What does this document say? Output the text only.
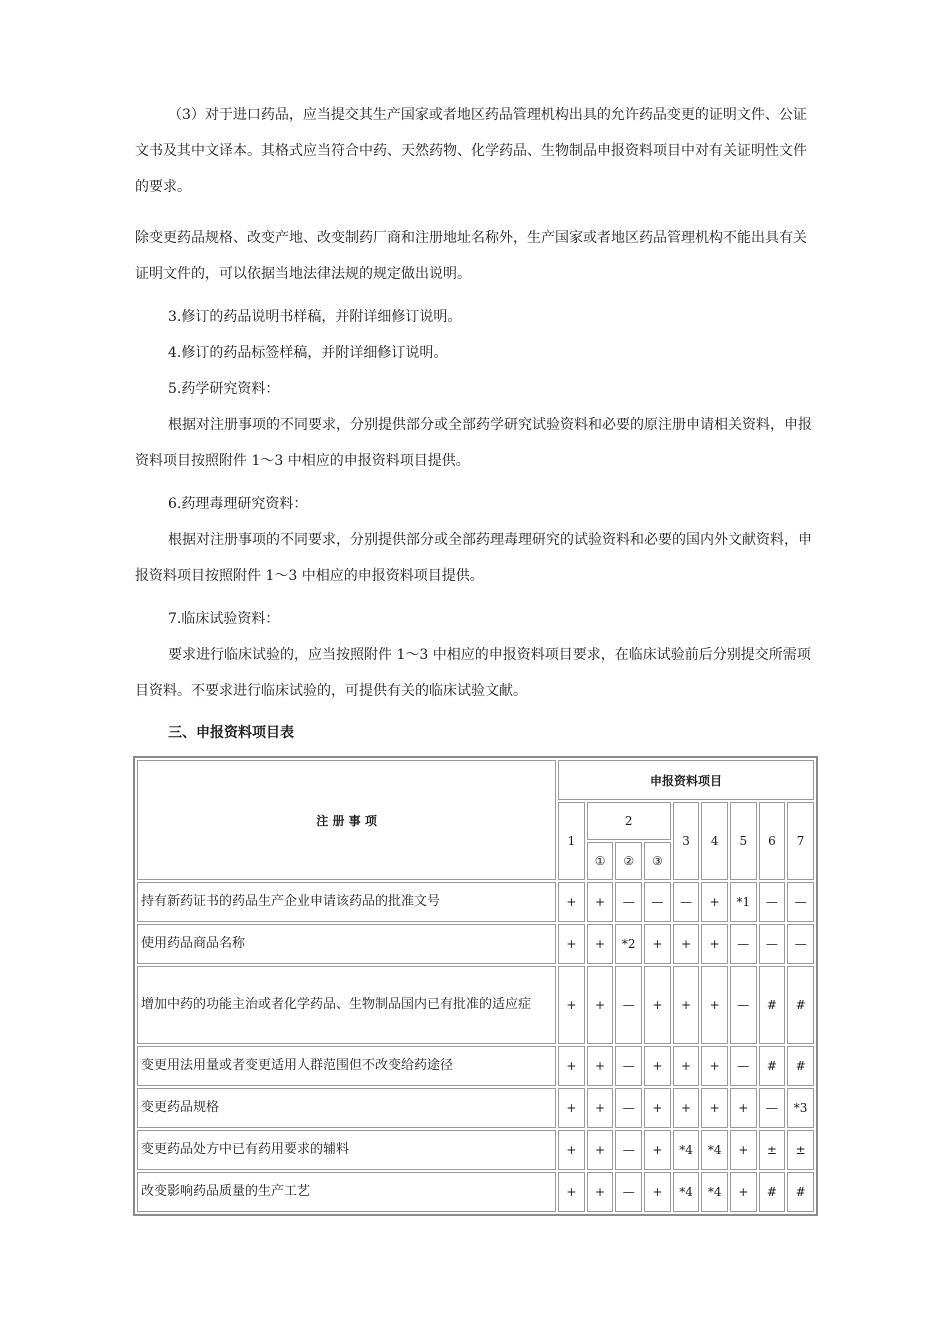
（3）对于进口药品，应当提交其生产国家或者地区药品管理机构出具的允许药品变更的证明文件、公证文书及其中文译本。其格式应当符合中药、天然药物、化学药品、生物制品申报资料项目中对有关证明性文件的要求。

除变更药品规格、改变产地、改变制药厂商和注册地址名称外，生产国家或者地区药品管理机构不能出具有关证明文件的，可以依据当地法律法规的规定做出说明。

3.修订的药品说明书样稿，并附详细修订说明。

4.修订的药品标签样稿，并附详细修订说明。

5.药学研究资料：

根据对注册事项的不同要求，分别提供部分或全部药学研究试验资料和必要的原注册申请相关资料，申报资料项目按照附件 1～3 中相应的申报资料项目提供。

6.药理毒理研究资料：

根据对注册事项的不同要求，分别提供部分或全部药理毒理研究的试验资料和必要的国内外文献资料，申报资料项目按照附件 1～3 中相应的申报资料项目提供。

7.临床试验资料：

要求进行临床试验的，应当按照附件 1～3 中相应的申报资料项目要求，在临床试验前后分别提交所需项目资料。不要求进行临床试验的，可提供有关的临床试验文献。

三、申报资料项目表

注 册 事 项	申报资料项目								
	1	2			3	4	5	6	7
		①	②	③					
持有新药证书的药品生产企业申请该药品的批准文号	+	+	—	—	—	+	*1	—	—
使用药品商品名称	+	+	*2	+	+	+	—	—	—
增加中药的功能主治或者化学药品、生物制品国内已有批准的适应症	+	+	—	+	+	+	—	#	#
变更用法用量或者变更适用人群范围但不改变给药途径	+	+	—	+	+	+	—	#	#
变更药品规格	+	+	—	+	+	+	+	—	*3
变更药品处方中已有药用要求的辅料	+	+	—	+	*4	*4	+	±	±
改变影响药品质量的生产工艺	+	+	—	+	*4	*4	+	#	#
